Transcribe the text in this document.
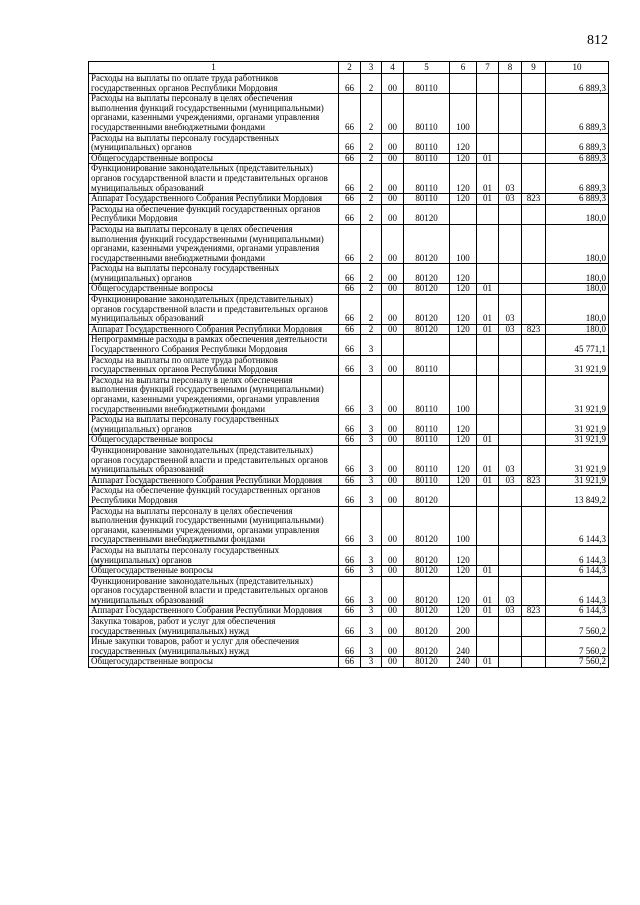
812
1	2	3	4	5	6	7	8	9	10
Расходы на выплаты по оплате труда работников государственных органов Республики Мордовия	66	2	00	80110					6 889,3
Расходы на выплаты персоналу в целях обеспечения выполнения функций государственными (муниципальными) органами, казенными учреждениями, органами управления государственными внебюджетными фондами	66	2	00	80110	100				6 889,3
Расходы на выплаты персоналу государственных (муниципальных) органов	66	2	00	80110	120				6 889,3
Общегосударственные вопросы	66	2	00	80110	120	01			6 889,3
Функционирование законодательных (представительных) органов государственной власти и представительных органов муниципальных образований	66	2	00	80110	120	01	03		6 889,3
Аппарат Государственного Собрания Республики Мордовия	66	2	00	80110	120	01	03	823	6 889,3
Расходы на обеспечение функций государственных органов Республики Мордовия	66	2	00	80120					180,0
Расходы на выплаты персоналу в целях обеспечения выполнения функций государственными (муниципальными) органами, казенными учреждениями, органами управления государственными внебюджетными фондами	66	2	00	80120	100				180,0
Расходы на выплаты персоналу государственных (муниципальных) органов	66	2	00	80120	120				180,0
Общегосударственные вопросы	66	2	00	80120	120	01			180,0
Функционирование законодательных (представительных) органов государственной власти и представительных органов муниципальных образований	66	2	00	80120	120	01	03		180,0
Аппарат Государственного Собрания Республики Мордовия	66	2	00	80120	120	01	03	823	180,0
Непрограммные расходы в рамках обеспечения деятельности Государственного Собрания Республики Мордовия	66	3							45 771,1
Расходы на выплаты по оплате труда работников государственных органов Республики Мордовия	66	3	00	80110					31 921,9
Расходы на выплаты персоналу в целях обеспечения выполнения функций государственными (муниципальными) органами, казенными учреждениями, органами управления государственными внебюджетными фондами	66	3	00	80110	100				31 921,9
Расходы на выплаты персоналу государственных (муниципальных) органов	66	3	00	80110	120				31 921,9
Общегосударственные вопросы	66	3	00	80110	120	01			31 921,9
Функционирование законодательных (представительных) органов государственной власти и представительных органов муниципальных образований	66	3	00	80110	120	01	03		31 921,9
Аппарат Государственного Собрания Республики Мордовия	66	3	00	80110	120	01	03	823	31 921,9
Расходы на обеспечение функций государственных органов Республики Мордовия	66	3	00	80120					13 849,2
Расходы на выплаты персоналу в целях обеспечения выполнения функций государственными (муниципальными) органами, казенными учреждениями, органами управления государственными внебюджетными фондами	66	3	00	80120	100				6 144,3
Расходы на выплаты персоналу государственных (муниципальных) органов	66	3	00	80120	120				6 144,3
Общегосударственные вопросы	66	3	00	80120	120	01			6 144,3
Функционирование законодательных (представительных) органов государственной власти и представительных органов муниципальных образований	66	3	00	80120	120	01	03		6 144,3
Аппарат Государственного Собрания Республики Мордовия	66	3	00	80120	120	01	03	823	6 144,3
Закупка товаров, работ и услуг для обеспечения государственных (муниципальных) нужд	66	3	00	80120	200				7 560,2
Иные закупки товаров, работ и услуг для обеспечения государственных (муниципальных) нужд	66	3	00	80120	240				7 560,2
Общегосударственные вопросы	66	3	00	80120	240	01			7 560,2
